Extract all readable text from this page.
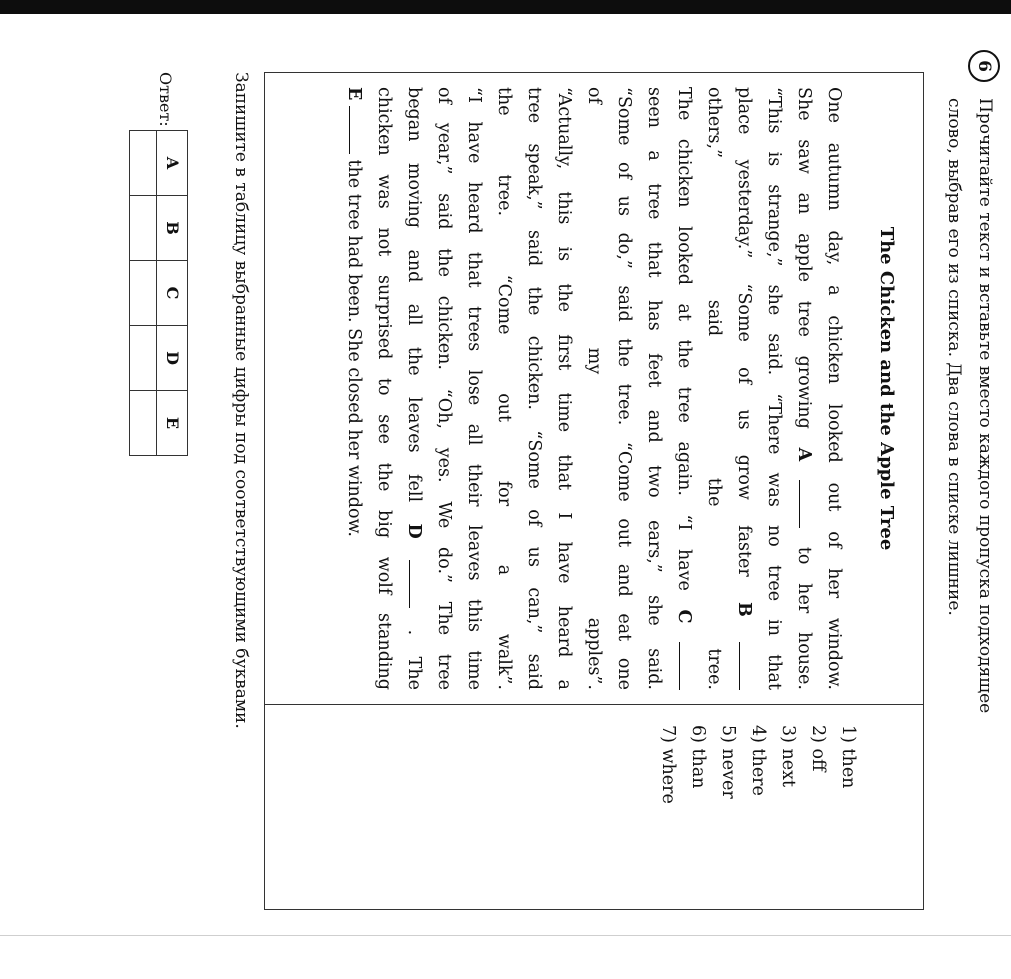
6

Прочитайте текст и вставьте вместо каждого пропуска подходящее
слово, выбрав его из списка. Два слова в списке лишние.

The Chicken and the Apple Tree
One autumn day, a chicken looked out of her window.
She saw an apple tree growing A  to her house.
“This is strange,” she said. “There was no tree in that
place yesterday.” “Some of us grow faster B
others,” said the tree.
The chicken looked at the tree again. “I have C
seen a tree that has feet and two ears,” she said.
“Some of us do,” said the tree. “Come out and eat one
of my apples”.
“Actually, this is the first time that I have heard a
tree speak,” said the chicken. “Some of us can,” said
the tree. “Come out for a walk”.
“I have heard that trees lose all their leaves this time
of year,” said the chicken. “Oh, yes. We do.” The tree
began moving and all the leaves fell D  . The
chicken was not surprised to see the big wolf standing
E  the tree had been. She closed her window.
1) then
2) off
3) next
4) there
5) never
6) than
7) where

Запишите в таблицу выбранные цифры под соответствующими буквами.

Ответ:
A	B	C	D	E
